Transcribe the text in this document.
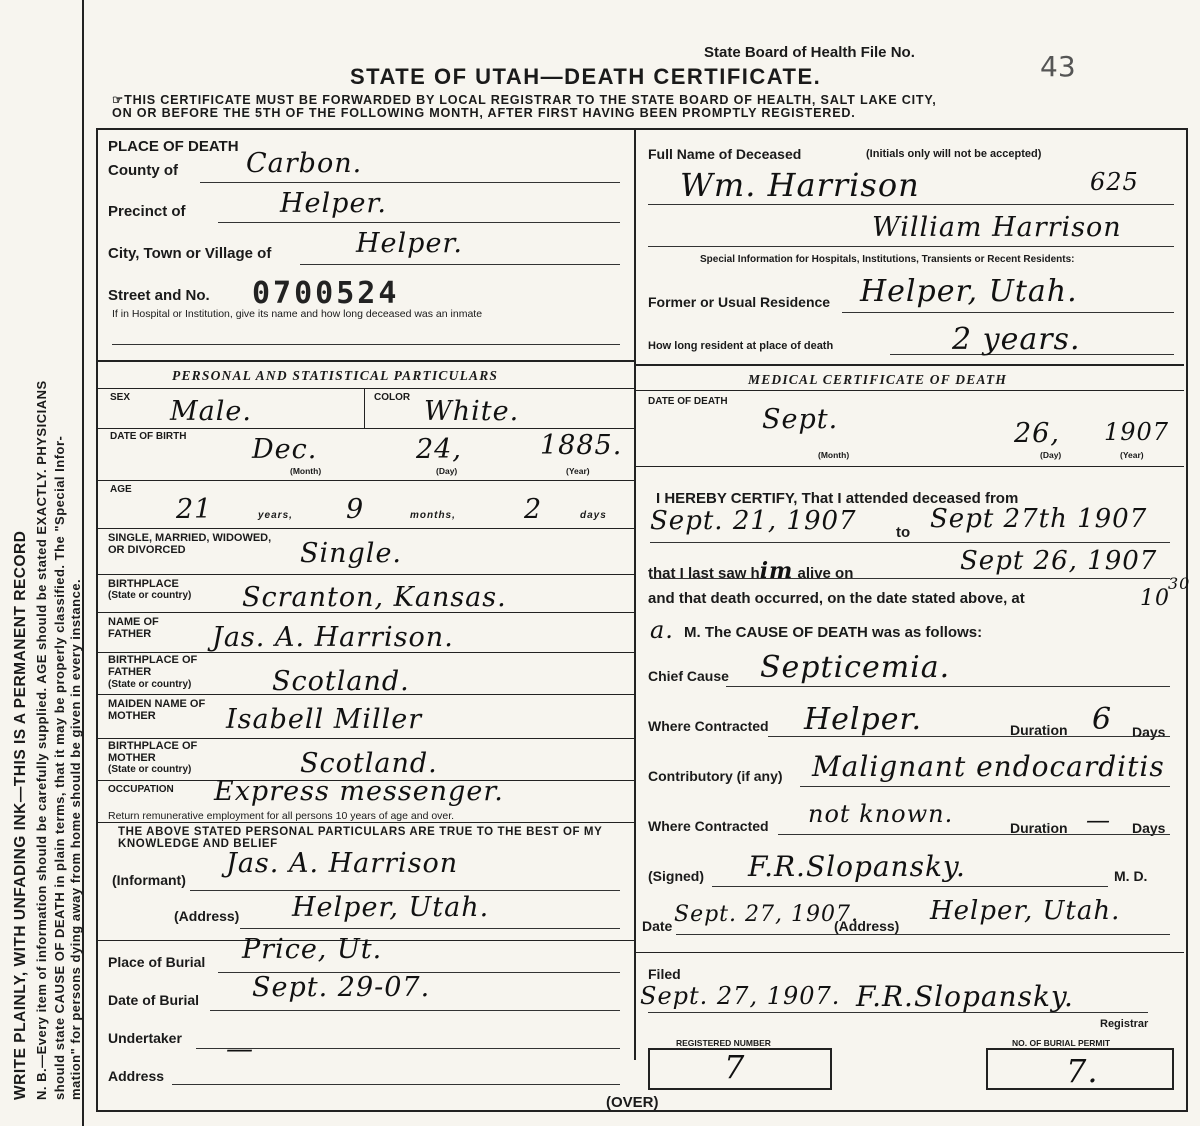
WRITE PLAINLY, WITH UNFADING INK—THIS IS A PERMANENT RECORD N. B.—Every item of information should be carefully supplied. AGE should be stated EXACTLY. PHYSICIANS should state CAUSE OF DEATH in plain terms, that it may be properly classified. The "Special Infor- mation" for persons dying away from home should be given in every instance.
State Board of Health File No.	43
STATE OF UTAH—DEATH CERTIFICATE.
☞THIS CERTIFICATE MUST BE FORWARDED BY LOCAL REGISTRAR TO THE STATE BOARD OF HEALTH, SALT LAKE CITY,
ON OR BEFORE THE 5TH OF THE FOLLOWING MONTH, AFTER FIRST HAVING BEEN PROMPTLY REGISTERED.
PLACE OF DEATH
County of	Carbon.
Precinct of	Helper.
City, Town or Village of	Helper.
Street and No. 0700524
If in Hospital or Institution, give its name and how long deceased was an inmate
Full Name of Deceased	(Initials only will not be accepted)
Wm. Harrison	625
William Harrison
Special Information for Hospitals, Institutions, Transients or Recent Residents:
Former or Usual Residence Helper, Utah.
How long resident at place of death	2 years.
PERSONAL AND STATISTICAL PARTICULARS
SEX Male.	COLOR White.
DATE OF BIRTH Dec.	24,	1885.
(Month)	(Day)	(Year)
AGE
21	years, 9	months,	2	days
SINGLE, MARRIED, WIDOWED, OR DIVORCED	Single.
BIRTHPLACE
(State or country) Scranton, Kansas.
NAME OF FATHER	Jas. A. Harrison.
BIRTHPLACE OF FATHER
(State or country)	Scotland.
MAIDEN NAME OF MOTHER	Isabell Miller
BIRTHPLACE OF MOTHER
(State or country)	Scotland.
OCCUPATION Express messenger.
Return remunerative employment for all persons 10 years of age and over.
THE ABOVE STATED PERSONAL PARTICULARS ARE TRUE TO THE BEST OF MY KNOWLEDGE AND BELIEF
(Informant)
Jas. A. Harrison
(Address) Helper, Utah.
Place of Burial Price, Ut.
Date of Burial Sept. 29-07.
Undertaker —
Address
MEDICAL CERTIFICATE OF DEATH
DATE OF DEATH
Sept.	26, 1907
(Month)	(Day)	(Year)
I HEREBY CERTIFY, That I attended deceased from
Sept. 21, 1907	to Sept 27th 1907
that I last saw him alive on	Sept 26, 1907
and that death occurred, on the date stated above, at	10
30
a. M. The CAUSE OF DEATH was as follows:
Chief Cause Septicemia.
Where Contracted Helper.	Duration 6 Days
Contributory (if any) Malignant endocarditis
Where Contracted not known.	Duration — Days
(Signed) F.R.Slopansky.	M. D.
Date Sept. 27, 1907.
(Address) Helper, Utah.
Filed
Sept. 27, 1907. F.R.Slopansky.
Registrar
REGISTERED NUMBER
7
NO. OF BURIAL PERMIT
7.
(OVER)
